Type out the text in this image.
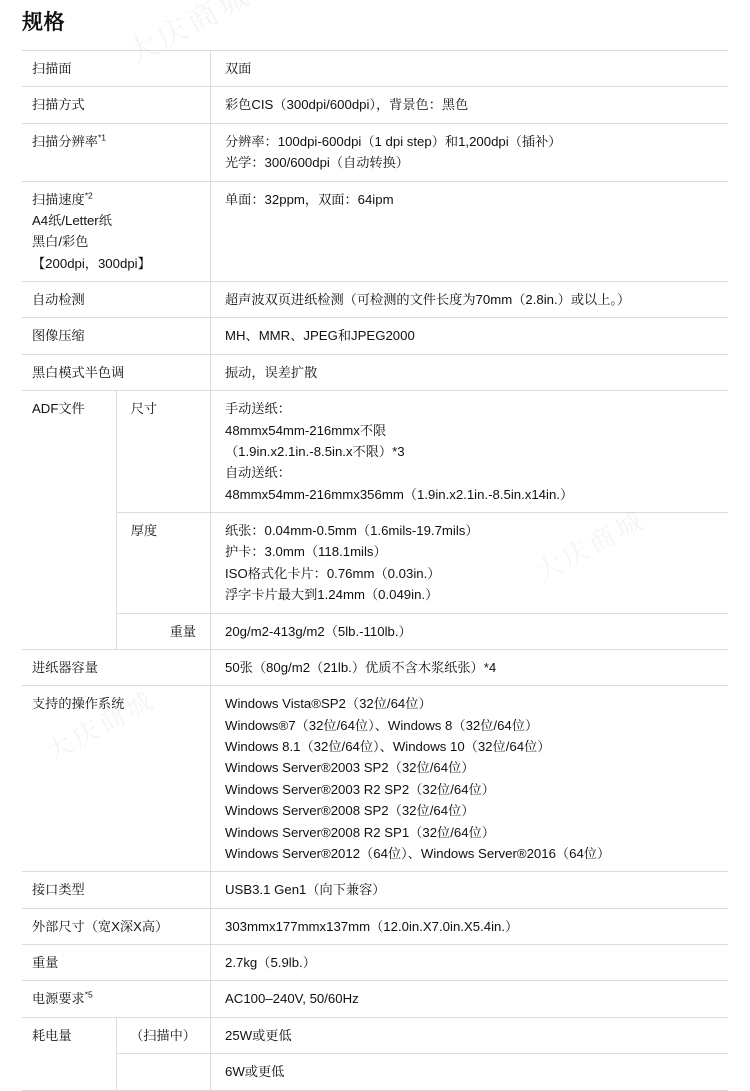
规格
扫描面		双面

扫描方式		彩色CIS（300dpi/600dpi），背景色：黑色

扫描分辨率$^{*1}$		分辨率：100dpi-600dpi（1 dpi step）和1,200dpi（插补）
光学：300/600dpi（自动转换）

扫描速度$^{*2}$
A4纸/Letter纸
黑白/彩色
【200dpi，300dpi】		单面：32ppm，双面：64ipm

自动检测		超声波双页进纸检测（可检测的文件长度为70mm（2.8in.）或以上。）

图像压缩		MH、MMR、JPEG和JPEG2000

黑白模式半色调		振动，误差扩散

ADF文件	尺寸	手动送纸：
48mmx54mm-216mmx不限
（1.9in.x2.1in.-8.5in.x不限）*3
自动送纸：
48mmx54mm-216mmx356mm（1.9in.x2.1in.-8.5in.x14in.）

	厚度	纸张：0.04mm-0.5mm（1.6mils-19.7mils）
护卡：3.0mm（118.1mils）
ISO格式化卡片：0.76mm（0.03in.）
浮字卡片最大到1.24mm（0.049in.）

	重量	20g/m2-413g/m2（5lb.-110lb.）

进纸器容量		50张（80g/m2（21lb.）优质不含木浆纸张）*4

支持的操作系统	Windows Vista®SP2（32位/64位）
Windows®7（32位/64位）、Windows 8（32位/64位）
Windows 8.1（32位/64位）、Windows 10（32位/64位）
Windows Server®2003 SP2（32位/64位）
Windows Server®2003 R2 SP2（32位/64位）
Windows Server®2008 SP2（32位/64位）
Windows Server®2008 R2 SP1（32位/64位）
Windows Server®2012（64位）、Windows Server®2016（64位）

接口类型		USB3.1 Gen1（向下兼容）

外部尺寸（宽X深X高）		303mmx177mmx137mm（12.0in.X7.0in.X5.4in.）

重量		2.7kg（5.9lb.）

电源要求$^{*5}$		AC100–240V, 50/60Hz

耗电量	（扫描中）	25W或更低

		6W或更低
